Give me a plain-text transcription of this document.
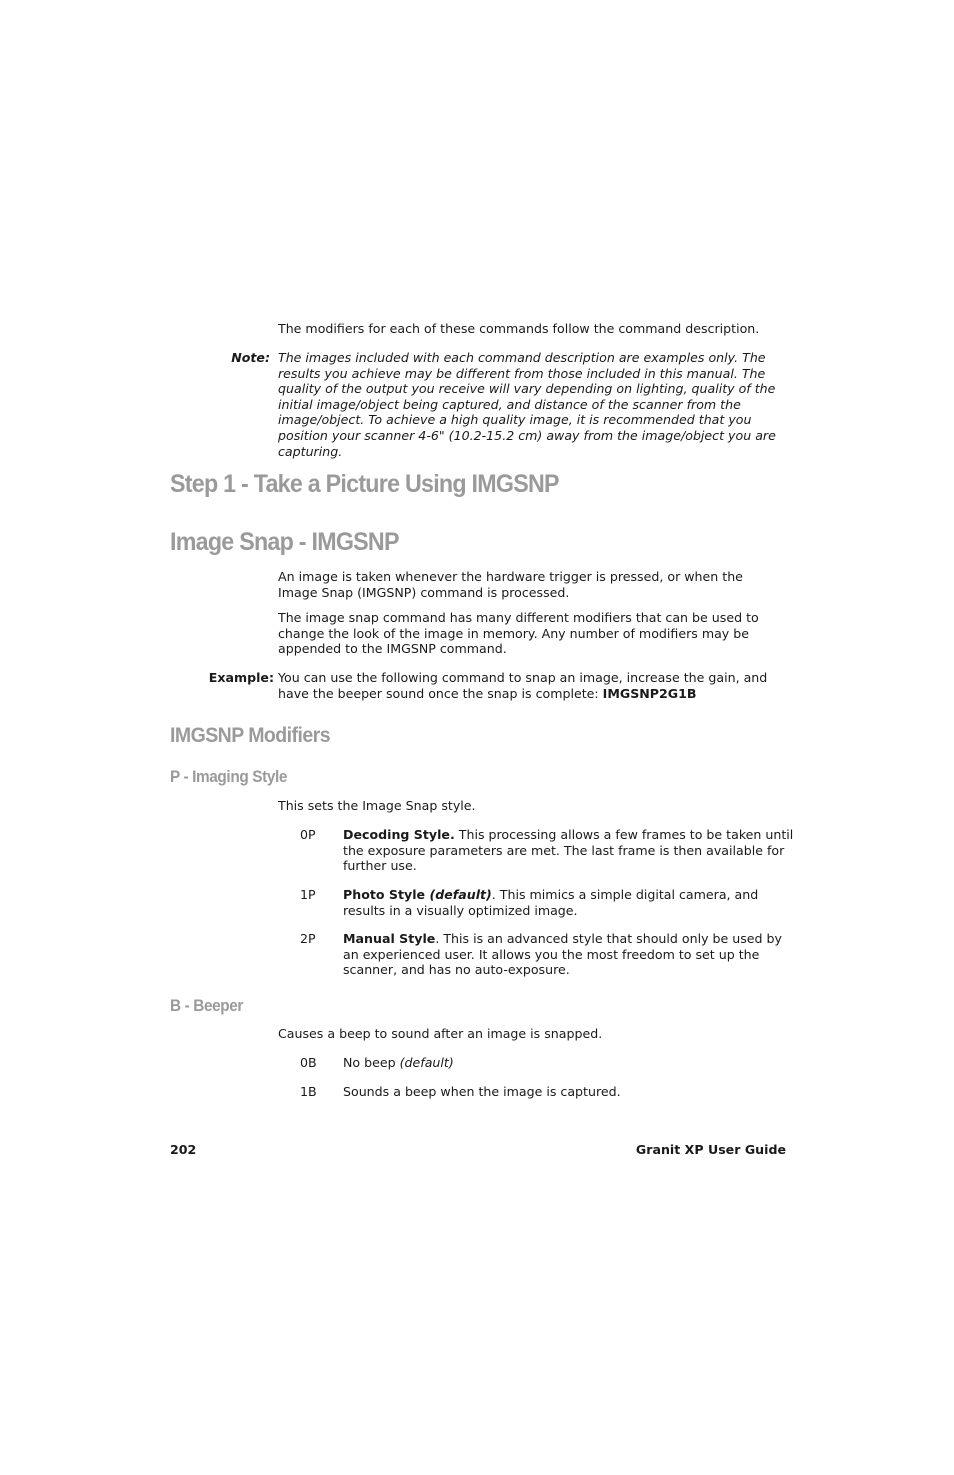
The modifiers for each of these commands follow the command description.

Note: The images included with each command description are examples only. The results you achieve may be different from those included in this manual. The quality of the output you receive will vary depending on lighting, quality of the initial image/object being captured, and distance of the scanner from the image/object. To achieve a high quality image, it is recommended that you position your scanner 4-6" (10.2-15.2 cm) away from the image/object you are capturing.

Step 1 - Take a Picture Using IMGSNP
Image Snap - IMGSNP

An image is taken whenever the hardware trigger is pressed, or when the Image Snap (IMGSNP) command is processed.

The image snap command has many different modifiers that can be used to change the look of the image in memory. Any number of modifiers may be appended to the IMGSNP command.

Example: You can use the following command to snap an image, increase the gain, and have the beeper sound once the snap is complete: IMGSNP2G1B

IMGSNP Modifiers
P - Imaging Style

This sets the Image Snap style.

0P Decoding Style. This processing allows a few frames to be taken until the exposure parameters are met. The last frame is then available for further use.

1P Photo Style (default). This mimics a simple digital camera, and results in a visually optimized image.

2P Manual Style. This is an advanced style that should only be used by an experienced user. It allows you the most freedom to set up the scanner, and has no auto-exposure.

B - Beeper

Causes a beep to sound after an image is snapped.

0B No beep (default)

1B Sounds a beep when the image is captured.

202	Granit XP User Guide
